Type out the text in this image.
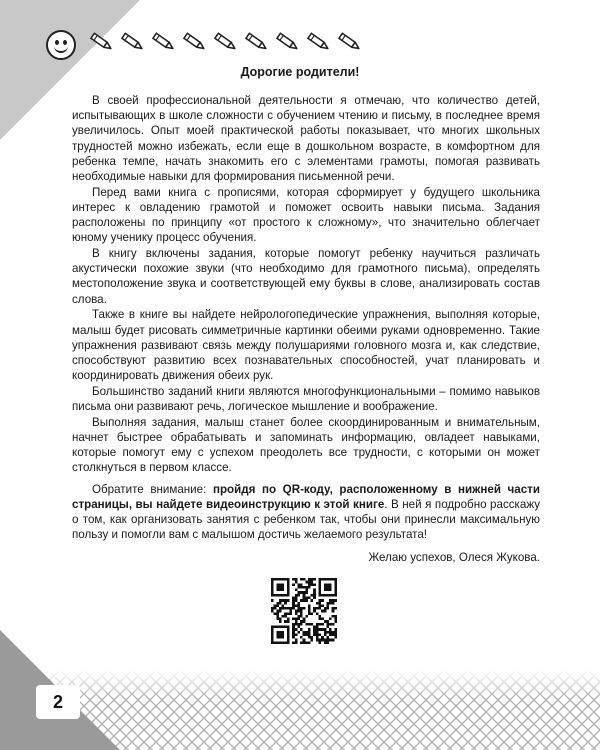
Дорогие родители!

В своей профессиональной деятельности я отмечаю, что количество детей, испытывающих в школе сложности с обучением чтению и письму, в последнее время увеличилось. Опыт моей практической работы показывает, что многих школьных трудностей можно избежать, если еще в дошкольном возрасте, в комфортном для ребенка темпе, начать знакомить его с элементами грамоты, помогая развивать необходимые навыки для формирования письменной речи.

Перед вами книга с прописями, которая сформирует у будущего школьника интерес к овладению грамотой и поможет освоить навыки письма. Задания расположены по принципу «от простого к сложному», что значительно облегчает юному ученику процесс обучения.

В книгу включены задания, которые помогут ребенку научиться различать акустически похожие звуки (что необходимо для грамотного письма), определять местоположение звука и соответствующей ему буквы в слове, анализировать состав слова.

Также в книге вы найдете нейрологопедические упражнения, выполняя которые, малыш будет рисовать симметричные картинки обеими руками одновременно. Такие упражнения развивают связь между полушариями головного мозга и, как следствие, способствуют развитию всех познавательных способностей, учат планировать и координировать движения обеих рук.

Большинство заданий книги являются многофункциональными – помимо навыков письма они развивают речь, логическое мышление и воображение.

Выполняя задания, малыш станет более скоординированным и внимательным, начнет быстрее обрабатывать и запоминать информацию, овладеет навыками, которые помогут ему с успехом преодолеть все трудности, с которыми он может столкнуться в первом классе.

Обратите внимание: пройдя по QR-коду, расположенному в нижней части страницы, вы найдете видеоинструкцию к этой книге. В ней я подробно расскажу о том, как организовать занятия с ребенком так, чтобы они принесли максимальную пользу и помогли вам с малышом достичь желаемого результата!

Желаю успехов, Олеся Жукова.

2
